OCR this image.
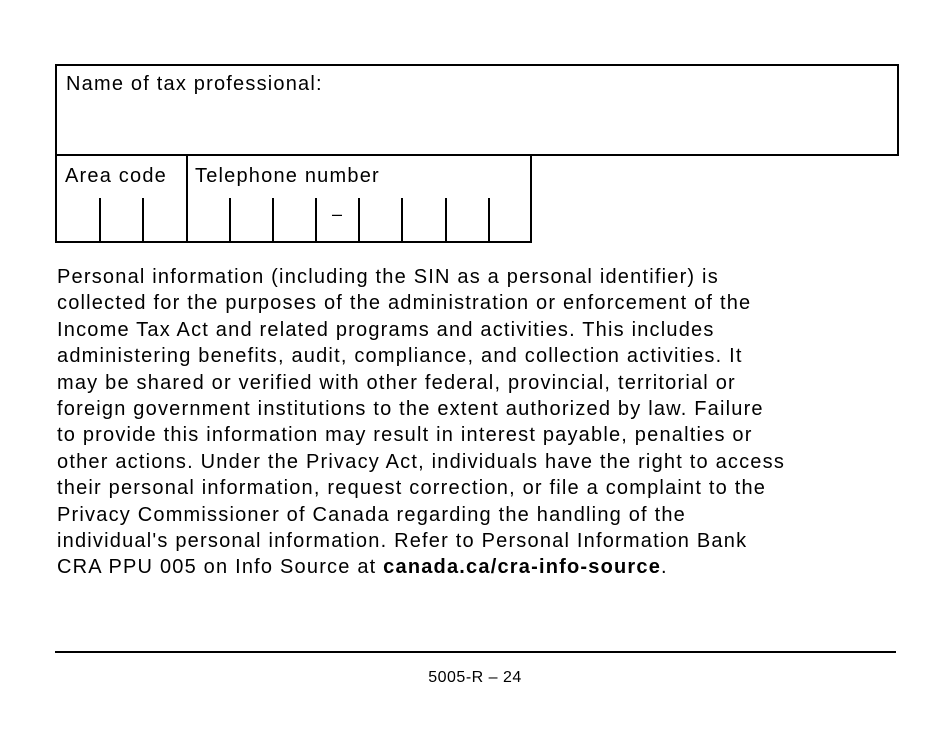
Name of tax professional:
Area code Telephone number
–

Personal information (including the SIN as a personal identifier) is
collected for the purposes of the administration or enforcement of the
Income Tax Act and related programs and activities. This includes
administering benefits, audit, compliance, and collection activities. It
may be shared or verified with other federal, provincial, territorial or
foreign government institutions to the extent authorized by law. Failure
to provide this information may result in interest payable, penalties or
other actions. Under the Privacy Act, individuals have the right to access
their personal information, request correction, or file a complaint to the
Privacy Commissioner of Canada regarding the handling of the
individual's personal information. Refer to Personal Information Bank
CRA PPU 005 on Info Source at canada.ca/cra-info-source.

5005-R – 24
